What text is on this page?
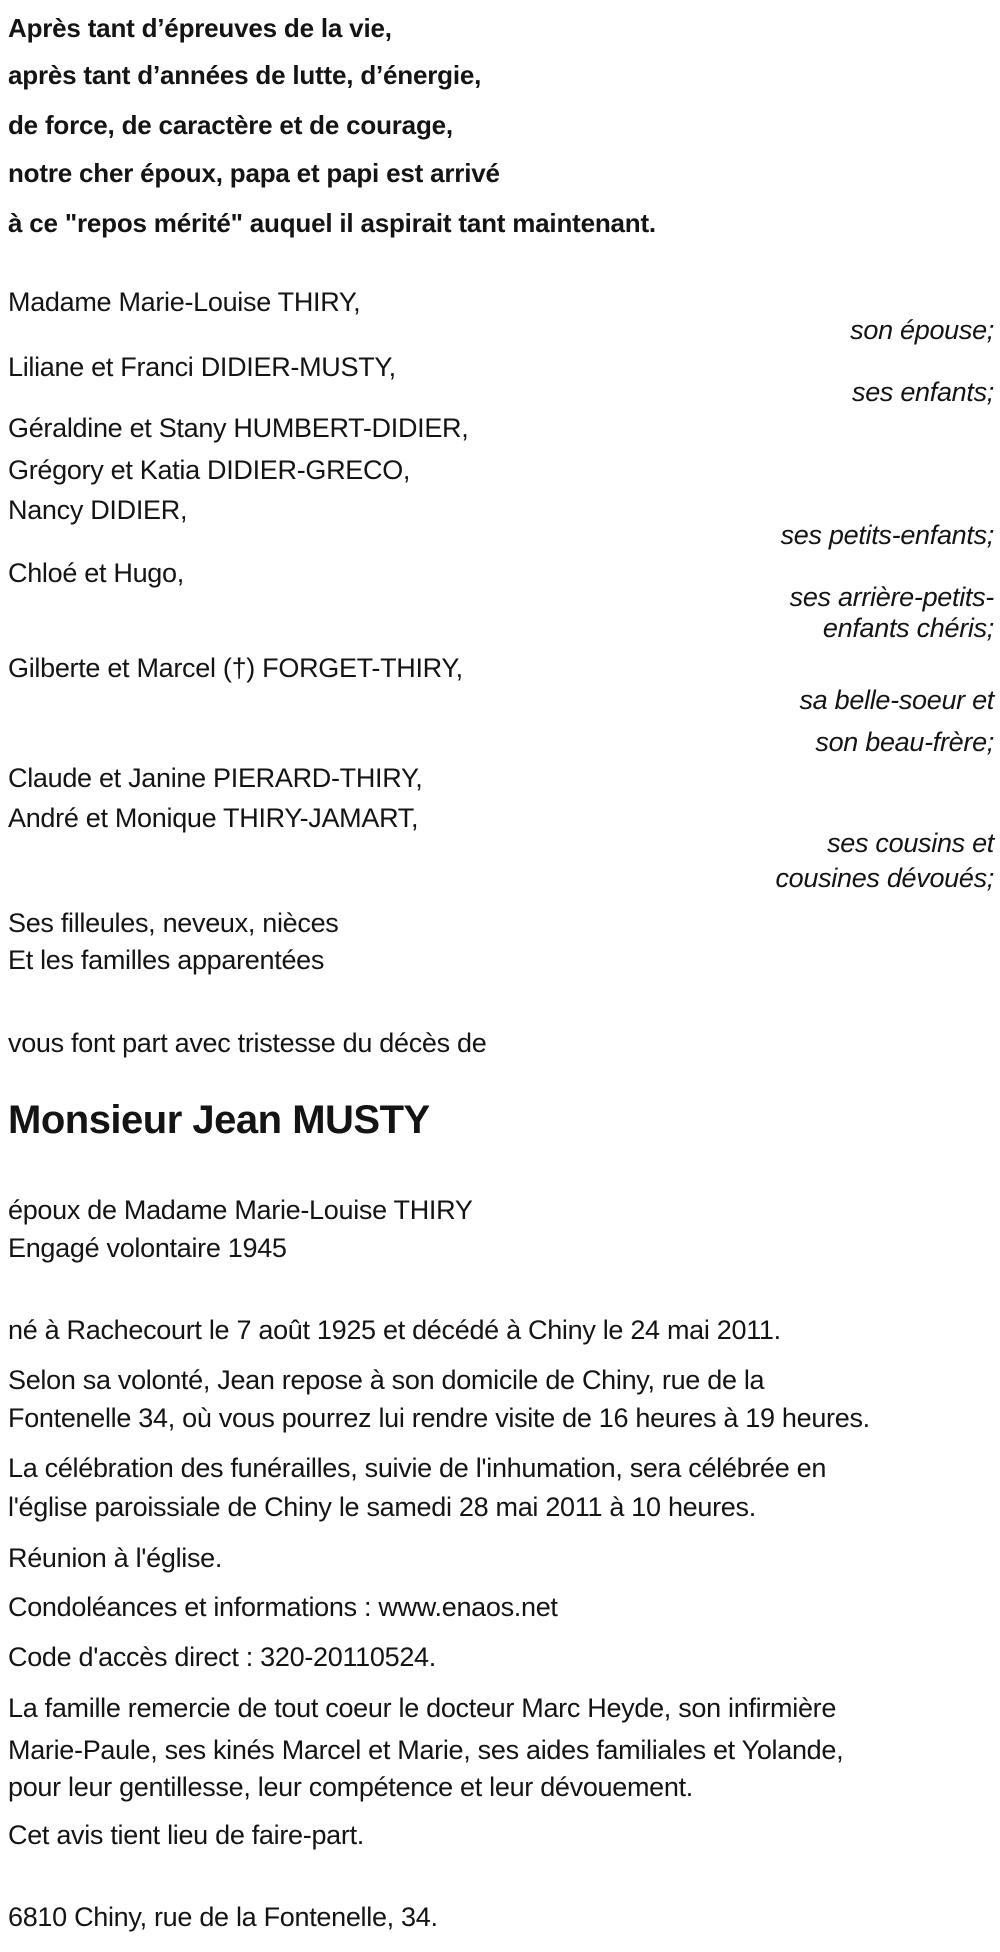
Après tant d’épreuves de la vie,
après tant d’années de lutte, d’énergie,
de force, de caractère et de courage,
notre cher époux, papa et papi est arrivé
à ce "repos mérité" auquel il aspirait tant maintenant.
Madame Marie-Louise THIRY,
son épouse;
Liliane et Franci DIDIER-MUSTY,
ses enfants;
Géraldine et Stany HUMBERT-DIDIER,
Grégory et Katia DIDIER-GRECO,
Nancy DIDIER,
ses petits-enfants;
Chloé et Hugo,
ses arrière-petits-
enfants chéris;
Gilberte et Marcel (†) FORGET-THIRY,
sa belle-soeur et
son beau-frère;
Claude et Janine PIERARD-THIRY,
André et Monique THIRY-JAMART,
ses cousins et
cousines dévoués;
Ses filleules, neveux, nièces
Et les familles apparentées
vous font part avec tristesse du décès de
Monsieur Jean MUSTY
époux de Madame Marie-Louise THIRY
Engagé volontaire 1945
né à Rachecourt le 7 août 1925 et décédé à Chiny le 24 mai 2011.
Selon sa volonté, Jean repose à son domicile de Chiny, rue de la
Fontenelle 34, où vous pourrez lui rendre visite de 16 heures à 19 heures.
La célébration des funérailles, suivie de l'inhumation, sera célébrée en
l'église paroissiale de Chiny le samedi 28 mai 2011 à 10 heures.
Réunion à l'église.
Condoléances et informations : www.enaos.net
Code d'accès direct : 320-20110524.
La famille remercie de tout coeur le docteur Marc Heyde, son infirmière
Marie-Paule, ses kinés Marcel et Marie, ses aides familiales et Yolande,
pour leur gentillesse, leur compétence et leur dévouement.
Cet avis tient lieu de faire-part.
6810 Chiny, rue de la Fontenelle, 34.
